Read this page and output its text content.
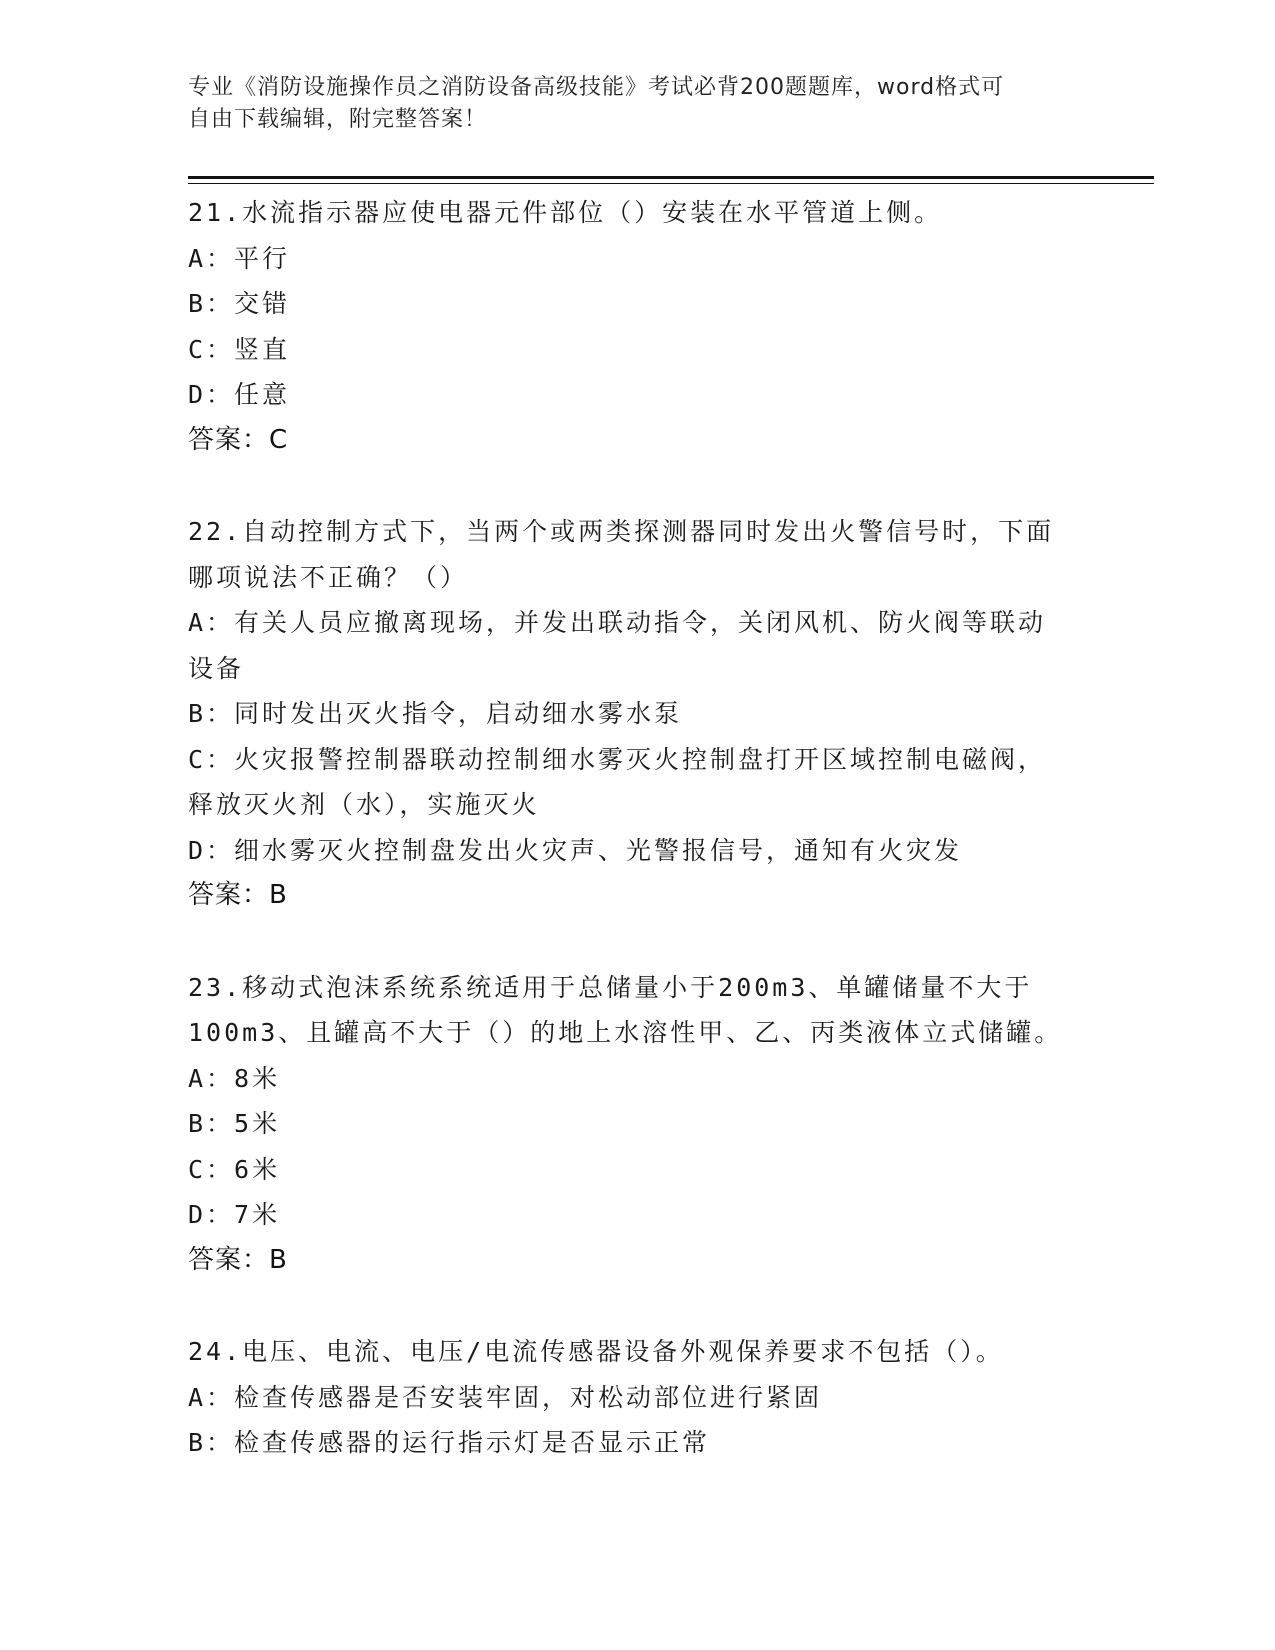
专业《消防设施操作员之消防设备高级技能》考试必背200题题库，word格式可
自由下载编辑，附完整答案！
21.水流指示器应使电器元件部位（）安装在水平管道上侧。
A：平行
B：交错
C：竖直
D：任意
答案：C
22.自动控制方式下，当两个或两类探测器同时发出火警信号时，下面
哪项说法不正确？（）
A：有关人员应撤离现场，并发出联动指令，关闭风机、防火阀等联动
设备
B：同时发出灭火指令，启动细水雾水泵
C：火灾报警控制器联动控制细水雾灭火控制盘打开区域控制电磁阀，
释放灭火剂（水），实施灭火
D：细水雾灭火控制盘发出火灾声、光警报信号，通知有火灾发
答案：B
23.移动式泡沫系统系统适用于总储量小于200m3、单罐储量不大于
100m3、且罐高不大于（）的地上水溶性甲、乙、丙类液体立式储罐。
A：8米
B：5米
C：6米
D：7米
答案：B
24.电压、电流、电压/电流传感器设备外观保养要求不包括（）。
A：检查传感器是否安装牢固，对松动部位进行紧固
B：检查传感器的运行指示灯是否显示正常
